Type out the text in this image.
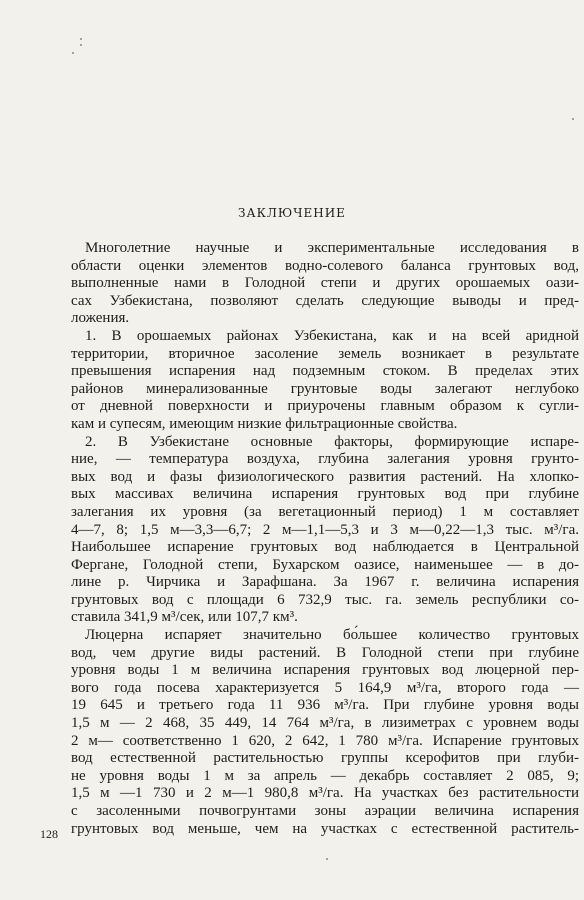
ЗАКЛЮЧЕНИЕ
Многолетние научные и экспериментальные исследования в
области оценки элементов водно-солевого баланса грунтовых вод,
выполненные нами в Голодной степи и других орошаемых оази-
сах Узбекистана, позволяют сделать следующие выводы и пред-
ложения.
1. В орошаемых районах Узбекистана, как и на всей аридной
территории, вторичное засоление земель возникает в результате
превышения испарения над подземным стоком. В пределах этих
районов минерализованные грунтовые воды залегают неглубоко
от дневной поверхности и приурочены главным образом к сугли-
кам и супесям, имеющим низкие фильтрационные свойства.
2. В Узбекистане основные факторы, формирующие испаре-
ние, — температура воздуха, глубина залегания уровня грунто-
вых вод и фазы физиологического развития растений. На хлопко-
вых массивах величина испарения грунтовых вод при глубине
залегания их уровня (за вегетационный период) 1 м составляет
4—7, 8; 1,5 м—3,3—6,7; 2 м—1,1—5,3 и 3 м—0,22—1,3 тыс. м³/га.
Наибольшее испарение грунтовых вод наблюдается в Центральной
Фергане, Голодной степи, Бухарском оазисе, наименьшее — в до-
лине р. Чирчика и Зарафшана. За 1967 г. величина испарения
грунтовых вод с площади 6 732,9 тыс. га. земель республики со-
ставила 341,9 м³/сек, или 107,7 км³.
Люцерна испаряет значительно бо́льшее количество грунтовых
вод, чем другие виды растений. В Голодной степи при глубине
уровня воды 1 м величина испарения грунтовых вод люцерной пер-
вого года посева характеризуется 5 164,9 м³/га, второго года —
19 645 и третьего года 11 936 м³/га. При глубине уровня воды
1,5 м — 2 468, 35 449, 14 764 м³/га, в лизиметрах с уровнем воды
2 м— соответственно 1 620, 2 642, 1 780 м³/га. Испарение грунтовых
вод естественной растительностью группы ксерофитов при глуби-
не уровня воды 1 м за апрель — декабрь составляет 2 085, 9;
1,5 м —1 730 и 2 м—1 980,8 м³/га. На участках без растительности
с засоленными почвогрунтами зоны аэрации величина испарения
грунтовых вод меньше, чем на участках с естественной раститель-
128
